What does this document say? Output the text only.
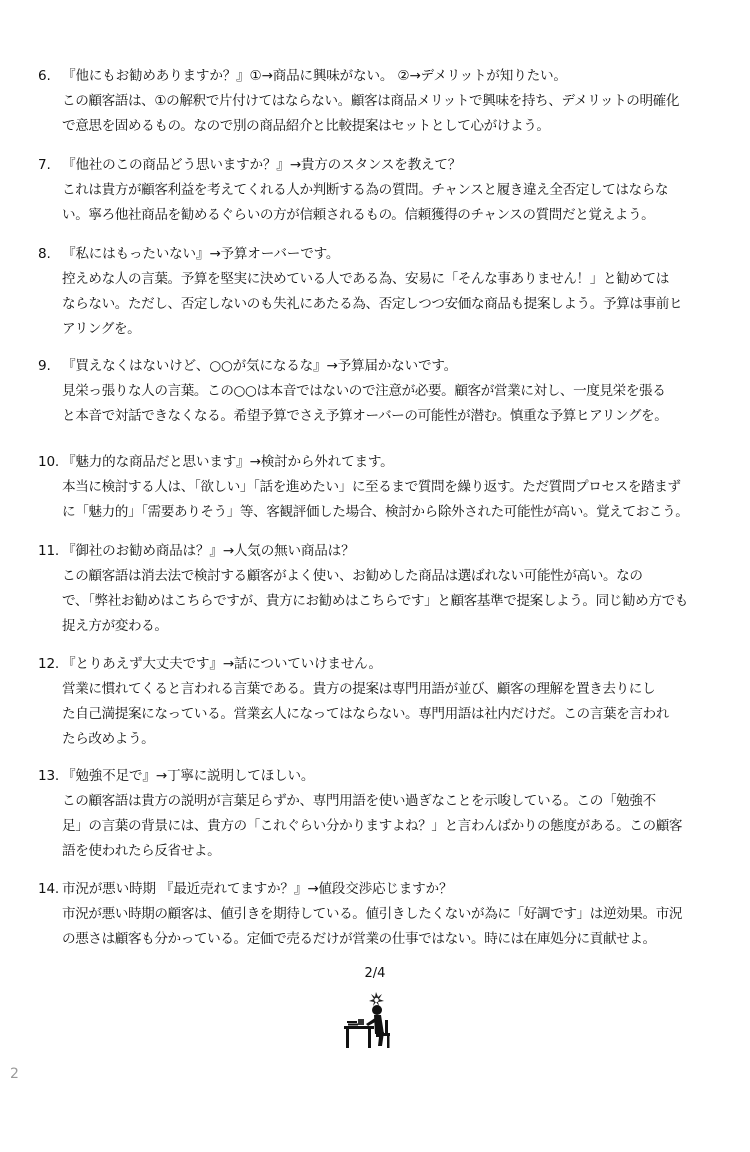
6. 『他にもお勧めありますか？』①→商品に興味がない。 ②→デメリットが知りたい。
この顧客語は、①の解釈で片付けてはならない。顧客は商品メリットで興味を持ち、デメリットの明確化
で意思を固めるもの。なので別の商品紹介と比較提案はセットとして心がけよう。
7. 『他社のこの商品どう思いますか？』→貴方のスタンスを教えて？
これは貴方が顧客利益を考えてくれる人か判断する為の質問。チャンスと履き違え全否定してはならな
い。寧ろ他社商品を勧めるぐらいの方が信頼されるもの。信頼獲得のチャンスの質問だと覚えよう。
8. 『私にはもったいない』→予算オーバーです。
控えめな人の言葉。予算を堅実に決めている人である為、安易に「そんな事ありません！」と勧めては
ならない。ただし、否定しないのも失礼にあたる為、否定しつつ安価な商品も提案しよう。予算は事前ヒ
アリングを。
9. 『買えなくはないけど、○○が気になるな』→予算届かないです。
見栄っ張りな人の言葉。この○○は本音ではないので注意が必要。顧客が営業に対し、一度見栄を張る
と本音で対話できなくなる。希望予算でさえ予算オーバーの可能性が潜む。慎重な予算ヒアリングを。
10. 『魅力的な商品だと思います』→検討から外れてます。
本当に検討する人は、「欲しい」「話を進めたい」に至るまで質問を繰り返す。ただ質問プロセスを踏まず
に「魅力的」「需要ありそう」等、客観評価した場合、検討から除外された可能性が高い。覚えておこう。
11. 『御社のお勧め商品は？』→人気の無い商品は？
この顧客語は消去法で検討する顧客がよく使い、お勧めした商品は選ばれない可能性が高い。なの
で、「弊社お勧めはこちらですが、貴方にお勧めはこちらです」と顧客基準で提案しよう。同じ勧め方でも
捉え方が変わる。
12. 『とりあえず大丈夫です』→話についていけません。
営業に慣れてくると言われる言葉である。貴方の提案は専門用語が並び、顧客の理解を置き去りにし
た自己満提案になっている。営業玄人になってはならない。専門用語は社内だけだ。この言葉を言われ
たら改めよう。
13. 『勉強不足で』→丁寧に説明してほしい。
この顧客語は貴方の説明が言葉足らずか、専門用語を使い過ぎなことを示唆している。この「勉強不
足」の言葉の背景には、貴方の「これぐらい分かりますよね？」と言わんばかりの態度がある。この顧客
語を使われたら反省せよ。
14. 市況が悪い時期 『最近売れてますか？』→値段交渉応じますか？
市況が悪い時期の顧客は、値引きを期待している。値引きしたくないが為に「好調です」は逆効果。市況
の悪さは顧客も分かっている。定価で売るだけが営業の仕事ではない。時には在庫処分に貢献せよ。
2/4
2
